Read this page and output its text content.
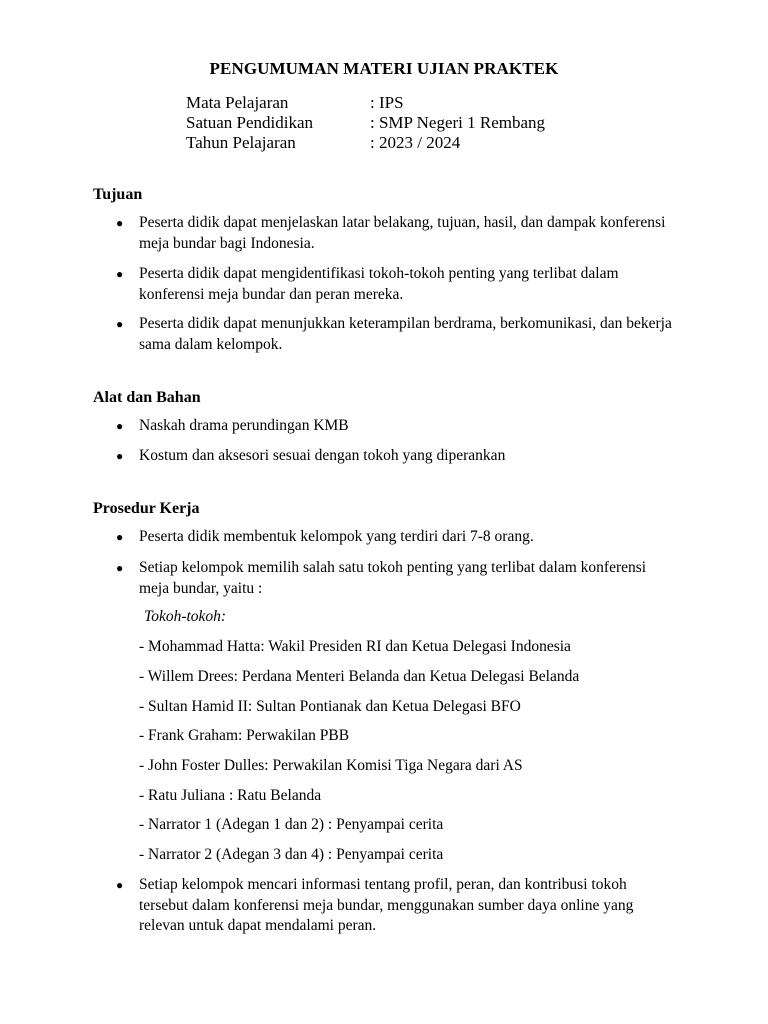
PENGUMUMAN MATERI UJIAN PRAKTEK
Mata Pelajaran	: IPS
Satuan Pendidikan	: SMP Negeri 1 Rembang
Tahun Pelajaran	: 2023 / 2024
Tujuan
● Peserta didik dapat menjelaskan latar belakang, tujuan, hasil, dan dampak konferensi meja bundar bagi Indonesia.
● Peserta didik dapat mengidentifikasi tokoh-tokoh penting yang terlibat dalam konferensi meja bundar dan peran mereka.
● Peserta didik dapat menunjukkan keterampilan berdrama, berkomunikasi, dan bekerja sama dalam kelompok.
Alat dan Bahan
● Naskah drama perundingan KMB
● Kostum dan aksesori sesuai dengan tokoh yang diperankan
Prosedur Kerja
● Peserta didik membentuk kelompok yang terdiri dari 7-8 orang.
● Setiap kelompok memilih salah satu tokoh penting yang terlibat dalam konferensi meja bundar, yaitu :
Tokoh-tokoh:
- Mohammad Hatta: Wakil Presiden RI dan Ketua Delegasi Indonesia
- Willem Drees: Perdana Menteri Belanda dan Ketua Delegasi Belanda
- Sultan Hamid II: Sultan Pontianak dan Ketua Delegasi BFO
- Frank Graham: Perwakilan PBB
- John Foster Dulles: Perwakilan Komisi Tiga Negara dari AS
- Ratu Juliana : Ratu Belanda
- Narrator 1 (Adegan 1 dan 2) : Penyampai cerita
- Narrator 2 (Adegan 3 dan 4) : Penyampai cerita
● Setiap kelompok mencari informasi tentang profil, peran, dan kontribusi tokoh tersebut dalam konferensi meja bundar, menggunakan sumber daya online yang relevan untuk dapat mendalami peran.
